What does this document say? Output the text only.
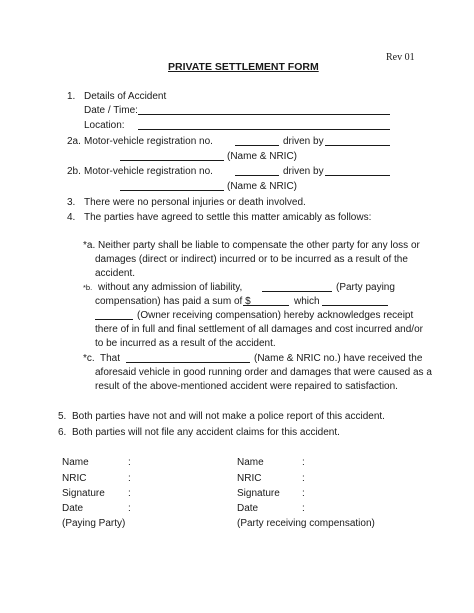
Rev 01
PRIVATE SETTLEMENT FORM
1. Details of Accident
Date / Time:
Location:
2a. Motor-vehicle registration no.	driven by
(Name & NRIC)
2b. Motor-vehicle registration no.	driven by
(Name & NRIC)
3. There were no personal injuries or death involved.
4. The parties have agreed to settle this matter amicably as follows:
*a. Neither party shall be liable to compensate the other party for any loss or
damages (direct or indirect) incurred or to be incurred as a result of the
accident.
*b. without any admission of liability,	(Party paying
compensation) has paid a sum of $	which
(Owner receiving compensation) hereby acknowledges receipt
there of in full and final settlement of all damages and cost incurred and/or
to be incurred as a result of the accident.
*c. That	(Name & NRIC no.) have received the
aforesaid vehicle in good running order and damages that were caused as a
result of the above-mentioned accident were repaired to satisfaction.
5. Both parties have not and will not make a police report of this accident.
6. Both parties will not file any accident claims for this accident.
Name	:
NRIC	:
Signature :
Date	:
(Paying Party)
Name	:
NRIC	:
Signature :
Date	:
(Party receiving compensation)
